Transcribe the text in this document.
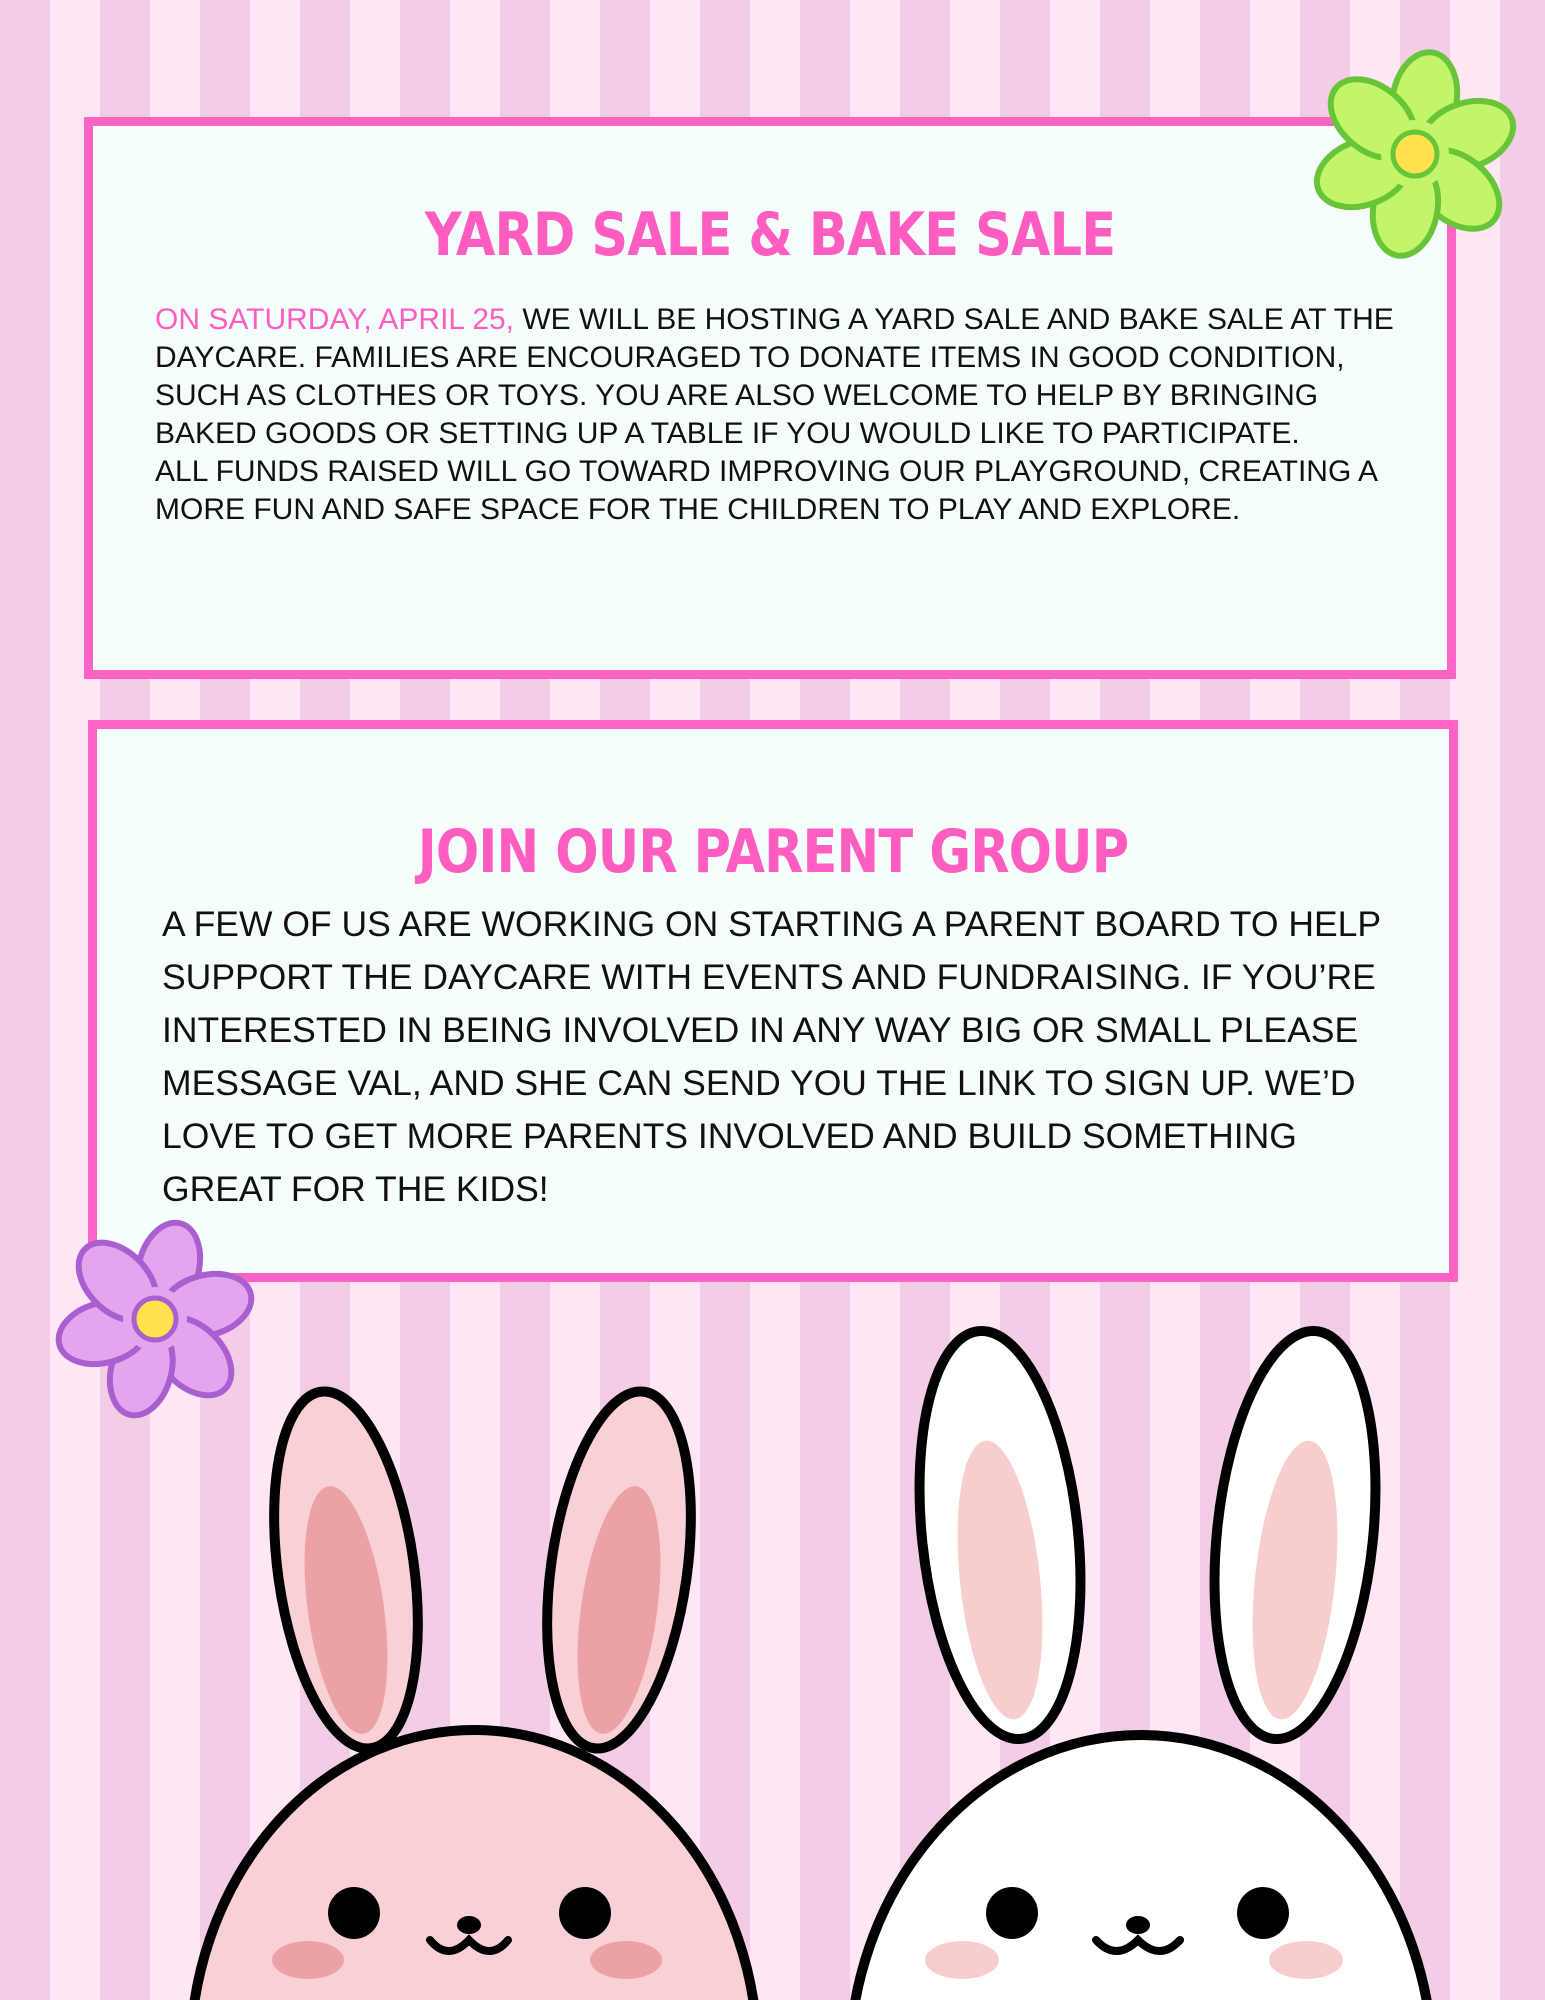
YARD SALE & BAKE SALE

ON SATURDAY, APRIL 25, WE WILL BE HOSTING A YARD SALE AND BAKE SALE AT THE DAYCARE. FAMILIES ARE ENCOURAGED TO DONATE ITEMS IN GOOD CONDITION, SUCH AS CLOTHES OR TOYS. YOU ARE ALSO WELCOME TO HELP BY BRINGING BAKED GOODS OR SETTING UP A TABLE IF YOU WOULD LIKE TO PARTICIPATE.
ALL FUNDS RAISED WILL GO TOWARD IMPROVING OUR PLAYGROUND, CREATING A MORE FUN AND SAFE SPACE FOR THE CHILDREN TO PLAY AND EXPLORE.

JOIN OUR PARENT GROUP

A FEW OF US ARE WORKING ON STARTING A PARENT BOARD TO HELP SUPPORT THE DAYCARE WITH EVENTS AND FUNDRAISING. IF YOU’RE INTERESTED IN BEING INVOLVED IN ANY WAY BIG OR SMALL PLEASE MESSAGE VAL, AND SHE CAN SEND YOU THE LINK TO SIGN UP. WE’D LOVE TO GET MORE PARENTS INVOLVED AND BUILD SOMETHING GREAT FOR THE KIDS!
